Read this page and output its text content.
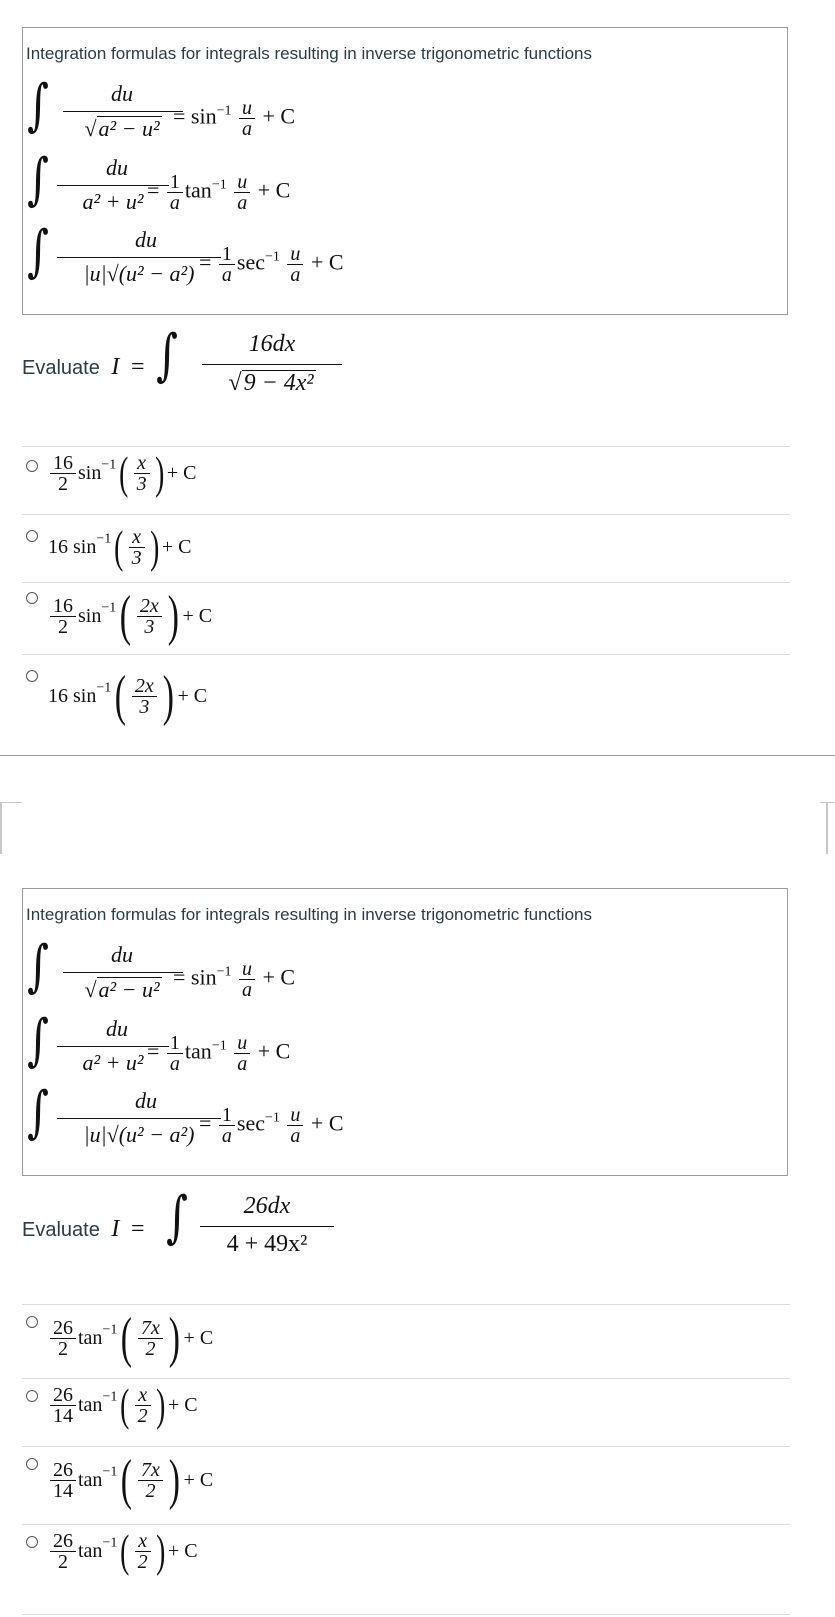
Integration formulas for integrals resulting in inverse trigonometric functions
∫	du
$√a^2 - u^2 = \sin^{-1} \frac{u}{a} + C$
∫	du
$a^2 + u^2 = \frac{1}{a} \tan^{-1} \frac{u}{a} + C$
∫	du
$|u|√(u^2 - a^2) = \frac{1}{a} \sec^{-1} \frac{u}{a} + C$
Evaluate I = ∫	16dx
√9 − 4x²
$\frac{16}{2} \sin^{-1}( \frac{x}{3}$ ) + C
16 $\sin^{-1}( \frac{x}{3}$ ) + C
$\frac{16}{2} \sin^{-1}( \frac{2x}{3}$ ) + C
16 $\sin^{-1}( \frac{2x}{3}$ ) + C
Integration formulas for integrals resulting in inverse trigonometric functions
∫	du
$√a^2 - u^2 = \sin^{-1} \frac{u}{a} + C$
∫	du
$a^2 + u^2 = \frac{1}{a} \tan^{-1} \frac{u}{a} + C$
∫	du
$|u|√(u^2 - a^2) = \frac{1}{a} \sec^{-1} \frac{u}{a} + C$
Evaluate I = ∫	26dx
4 + 49x²
$\frac{26}{2} \tan^{-1}( \frac{7x}{2}$ ) + C
$\frac{26}{14} \tan^{-1}( \frac{x}{2}$ ) + C
$\frac{26}{14} \tan^{-1}( \frac{7x}{2}$ ) + C
$\frac{26}{2} \tan^{-1}( \frac{x}{2}$ ) + C
